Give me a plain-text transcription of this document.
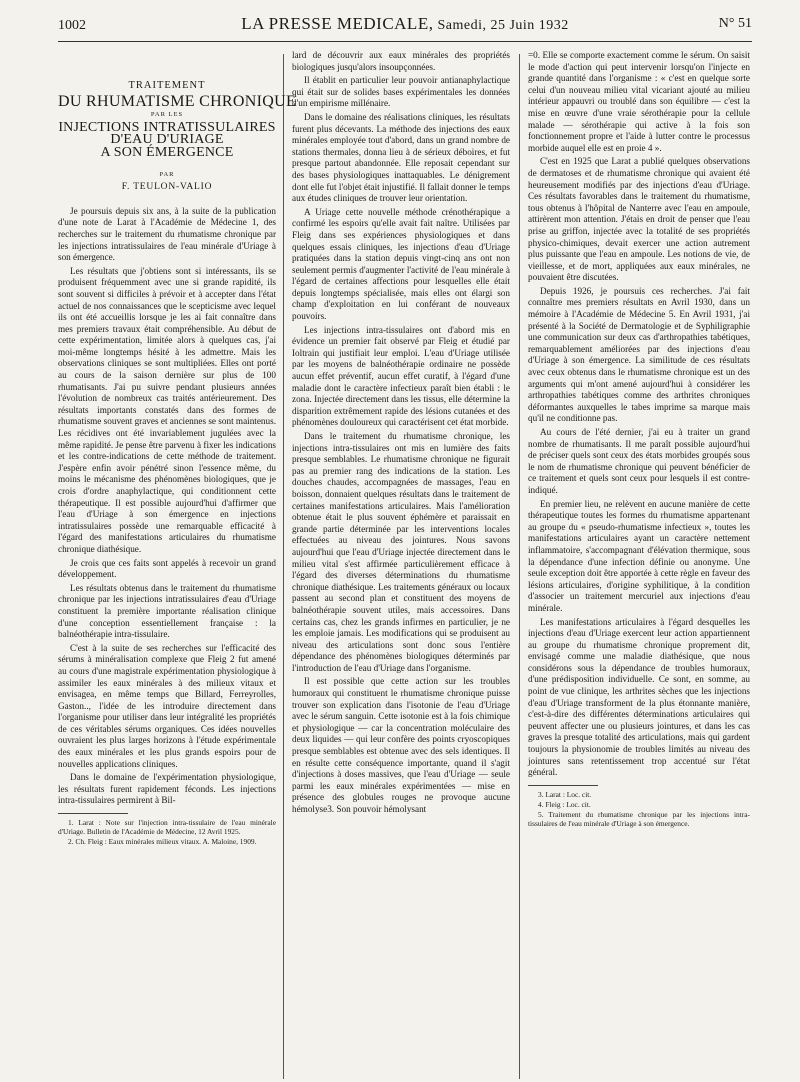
1002	LA PRESSE MEDICALE, Samedi, 25 Juin 1932	N° 51
TRAITEMENT
DU RHUMATISME CHRONIQUE
PAR LES
INJECTIONS INTRATISSULAIRES
D'EAU D'URIAGE
A SON ÉMERGENCE
PAR
F. TEULON-VALIO

Je poursuis depuis six ans, à la suite de la publication d'une note de Larat à l'Académie de Médecine 1, des recherches sur le traitement du rhumatisme chronique par les injections intratissulaires de l'eau minérale d'Uriage à son émergence.

Les résultats que j'obtiens sont si intéressants, ils se produisent fréquemment avec une si grande rapidité, ils sont souvent si difficiles à prévoir et à accepter dans l'état actuel de nos connaissances que le scepticisme avec lequel ils ont été accueillis lorsque je les ai fait connaître dans mes premiers travaux était compréhensible. Au début de cette expérimentation, limitée alors à quelques cas, j'ai moi-même longtemps hésité à les admettre. Mais les observations cliniques se sont multipliées. Elles ont porté au cours de la saison dernière sur plus de 100 rhumatisants. J'ai pu suivre pendant plusieurs années l'évolution de nombreux cas traités antérieurement. Des résultats importants constatés dans des formes de rhumatisme souvent graves et anciennes se sont maintenus. Les récidives ont été invariablement jugulées avec la même rapidité. Je pense être parvenu à fixer les indications et les contre-indications de cette méthode de traitement. J'espère enfin avoir pénétré sinon l'essence même, du moins le mécanisme des phénomènes biologiques, que je crois d'ordre anaphylactique, qui conditionnent cette thérapeutique. Il est possible aujourd'hui d'affirmer que l'eau d'Uriage à son émergence en injections intratissulaires possède une remarquable efficacité à l'égard des manifestations articulaires du rhumatisme chronique diathésique.

Je crois que ces faits sont appelés à recevoir un grand développement.

Les résultats obtenus dans le traitement du rhumatisme chronique par les injections intratissulaires d'eau d'Uriage constituent la première importante réalisation clinique d'une conception essentiellement française : la balnéothérapie intra-tissulaire.

C'est à la suite de ses recherches sur l'efficacité des sérums à minéralisation complexe que Fleig 2 fut amené au cours d'une magistrale expérimentation physiologique à assimiler les eaux minérales à des milieux vitaux et envisagea, en même temps que Billard, Ferreyrolles, Gaston.., l'idée de les introduire directement dans l'organisme pour utiliser dans leur intégralité les propriétés de ces véritables sérums organiques. Ces idées nouvelles ouvraient les plus larges horizons à l'étude expérimentale des eaux minérales et les plus grands espoirs pour de nouvelles applications cliniques.

Dans le domaine de l'expérimentation physiologique, les résultats furent rapidement féconds. Les injections intra-tissulaires permirent à Bil-

1. Larat : Note sur l'injection intra-tissulaire de l'eau minérale d'Uriage. Bulletin de l'Académie de Médecine, 12 Avril 1925.

2. Ch. Fleig : Eaux minérales milieux vitaux. A. Maloine, 1909.

lard de découvrir aux eaux minérales des propriétés biologiques jusqu'alors insoupçonnées.

Il établit en particulier leur pouvoir antianaphylactique qui était sur de solides bases expérimentales les données d'un empirisme millénaire.

Dans le domaine des réalisations cliniques, les résultats furent plus décevants. La méthode des injections des eaux minérales employée tout d'abord, dans un grand nombre de stations thermales, donna lieu à de sérieux déboires, et fut presque partout abandonnée. Elle reposait cependant sur des bases physiologiques inattaquables. Le dénigrement dont elle fut l'objet était injustifié. Il fallait donner le temps aux études cliniques de trouver leur orientation.

A Uriage cette nouvelle méthode crénothérapique a confirmé les espoirs qu'elle avait fait naître. Utilisées par Fleig dans ses expériences physiologiques et dans quelques essais cliniques, les injections d'eau d'Uriage pratiquées dans la station depuis vingt-cinq ans ont non seulement permis d'augmenter l'activité de l'eau minérale à l'égard de certaines affections pour lesquelles elle était depuis longtemps spécialisée, mais elles ont élargi son champ d'exploitation en lui conférant de nouveaux pouvoirs.

Les injections intra-tissulaires ont d'abord mis en évidence un premier fait observé par Fleig et étudié par Ioltrain qui justifiait leur emploi. L'eau d'Uriage utilisée par les moyens de balnéothérapie ordinaire ne possède aucun effet préventif, aucun effet curatif, à l'égard d'une maladie dont le caractère infectieux paraît bien établi : le zona. Injectée directement dans les tissus, elle détermine la disparition extrêmement rapide des lésions cutanées et des phénomènes douloureux qui caractérisent cet état morbide.

Dans le traitement du rhumatisme chronique, les injections intra-tissulaires ont mis en lumière des faits presque semblables. Le rhumatisme chronique ne figurait pas au premier rang des indications de la station. Les douches chaudes, accompagnées de massages, l'eau en boisson, donnaient quelques résultats dans le traitement de certaines manifestations articulaires. Mais l'amélioration obtenue était le plus souvent éphémère et paraissait en grande partie déterminée par les interventions locales effectuées au niveau des jointures. Nous savons aujourd'hui que l'eau d'Uriage injectée directement dans le milieu vital s'est affirmée particulièrement efficace à l'égard des diverses déterminations du rhumatisme chronique diathésique. Les traitements généraux ou locaux passent au second plan et constituent des moyens de balnéothérapie souvent utiles, mais accessoires. Dans certains cas, chez les grands infirmes en particulier, je ne les emploie jamais. Les modifications qui se produisent au niveau des articulations sont donc sous l'entière dépendance des phénomènes biologiques déterminés par l'introduction de l'eau d'Uriage dans l'organisme.

Il est possible que cette action sur les troubles humoraux qui constituent le rhumatisme chronique puisse trouver son explication dans l'isotonie de l'eau d'Uriage avec le sérum sanguin. Cette isotonie est à la fois chimique et physiologique — car la concentration moléculaire des deux liquides — qui leur confère des points cryoscopiques presque semblables est obtenue avec des sels identiques. Il en résulte cette conséquence importante, quand il s'agit d'injections à doses massives, que l'eau d'Uriage — seule parmi les eaux minérales expérimentées — mise en présence des globules rouges ne provoque aucune hémolyse3. Son pouvoir hémolysant

=0. Elle se comporte exactement comme le sérum. On saisit le mode d'action qui peut intervenir lorsqu'on l'injecte en grande quantité dans l'organisme : « c'est en quelque sorte celui d'un nouveau milieu vital vicariant ajouté au milieu intérieur appauvri ou troublé dans son équilibre — c'est la mise en œuvre d'une vraie sérothérapie pour la cellule malade — sérothérapie qui active à la fois son fonctionnement propre et l'aide à lutter contre le processus morbide auquel elle est en proie 4 ».

C'est en 1925 que Larat a publié quelques observations de dermatoses et de rhumatisme chronique qui avaient été heureusement modifiés par des injections d'eau d'Uriage. Ces résultats favorables dans le traitement du rhumatisme, tous obtenus à l'hôpital de Nanterre avec l'eau en ampoule, attirèrent mon attention. J'étais en droit de penser que l'eau prise au griffon, injectée avec la totalité de ses propriétés physico-chimiques, devait exercer une action autrement plus puissante que l'eau en ampoule. Les notions de vie, de vieillesse, et de mort, appliquées aux eaux minérales, ne pouvaient être discutées.

Depuis 1926, je poursuis ces recherches. J'ai fait connaître mes premiers résultats en Avril 1930, dans un mémoire à l'Académie de Médecine 5. En Avril 1931, j'ai présenté à la Société de Dermatologie et de Syphiligraphie une communication sur deux cas d'arthropathies tabétiques, remarquablement améliorées par des injections d'eau d'Uriage à son émergence. La similitude de ces résultats avec ceux obtenus dans le rhumatisme chronique est un des arguments qui m'ont amené aujourd'hui à considérer les arthropathies tabétiques comme des arthrites chroniques déformantes auxquelles le tabes imprime sa marque mais qu'il ne conditionne pas.

Au cours de l'été dernier, j'ai eu à traiter un grand nombre de rhumatisants. Il me paraît possible aujourd'hui de préciser quels sont ceux des états morbides groupés sous le nom de rhumatisme chronique qui peuvent bénéficier de ce traitement et quels sont ceux pour lesquels il est contre-indiqué.

En premier lieu, ne relèvent en aucune manière de cette thérapeutique toutes les formes du rhumatisme appartenant au groupe du « pseudo-rhumatisme infectieux », toutes les manifestations articulaires ayant un caractère nettement inflammatoire, s'accompagnant d'élévation thermique, sous la dépendance d'une infection définie ou anonyme. Une seule exception doit être apportée à cette règle en faveur des lésions articulaires, d'origine syphilitique, à la condition d'associer un traitement mercuriel aux injections d'eau minérale.

Les manifestations articulaires à l'égard desquelles les injections d'eau d'Uriage exercent leur action appartiennent au groupe du rhumatisme chronique proprement dit, envisagé comme une maladie diathésique, que nous considérons sous la dépendance de troubles humoraux, d'une prédisposition individuelle. Ce sont, en somme, au point de vue clinique, les arthrites sèches que les injections d'eau d'Uriage transforment de la plus étonnante manière, c'est-à-dire des différentes déterminations articulaires qui peuvent affecter une ou plusieurs jointures, et dans les cas graves la presque totalité des articulations, mais qui gardent toujours la physionomie de troubles limités au niveau des jointures sans retentissement trop accentué sur l'état général.

3. Larat : Loc. cit.

4. Fleig : Loc. cit.

5. Traitement du rhumatisme chronique par les injections intra-tissulaires de l'eau minérale d'Uriage à son émergence.
